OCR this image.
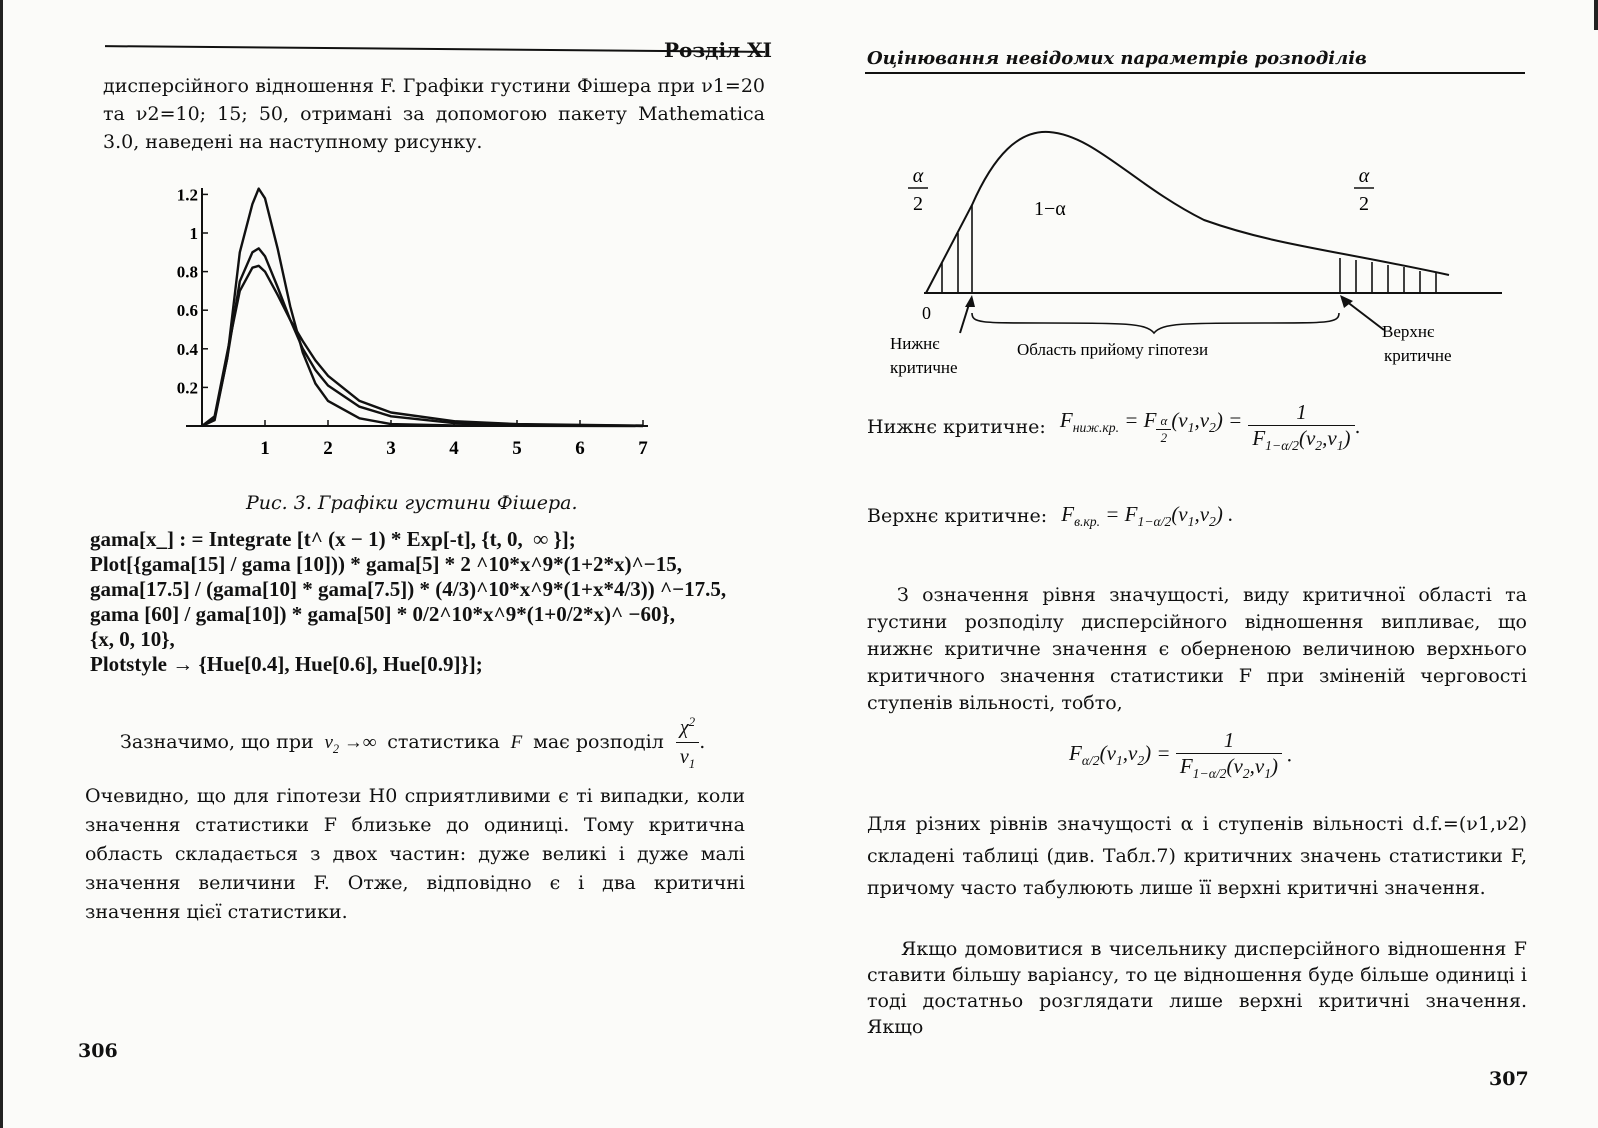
Розділ XI

дисперсійного відношення F. Графіки густини Фішера при ν1=20 та ν2=10; 15; 50, отримані за допомогою пакету Mathematica 3.0, наведені на наступному рисунку.

1	2	3	4	5	6	7
0.2
0.4
0.6
0.8
1
1.2
Рис. 3. Графіки густини Фішера.
gama[x_] : = Integrate [t^ (x − 1) * Exp[-t], {t, 0,  ∞ }];
Plot[{gama[15] / gama [10])) * gama[5] * 2 ^10*x^9*(1+2*x)^−15,
gama[17.5] / (gama[10] * gama[7.5]) * (4/3)^10*x^9*(1+x*4/3)) ^−17.5,
gama [60] / gama[10]) * gama[50] * 0/2^10*x^9*(1+0/2*x)^ −60},
{x, 0, 10},
Plotstyle → {Hue[0.4], Hue[0.6], Hue[0.9]}];
Зазначимо, що при  $\nu_2$ →∞  статистика  F  має розподіл $\frac{\chi^2}{\nu_1}$ .

Очевидно, що для гіпотези H0 сприятливими є ті випадки, коли значення статистики F близьке до одиниці. Тому критична область складається з двох частин: дуже великі і дуже малі значення величини F. Отже, відповідно є і два критичні значення цієї статистики.

306
Оцінювання невідомих параметрів розподілів
α
2
α
2
1−α
0
Нижнє
критичне
Область прийому гіпотези
Верхнє
критичне
Нижнє критичне: $F_{ниж.кр.} = F$ $_{\frac{\alpha}{2}}$ $(\nu_1,\nu_2) = \frac{1}{F_{1-\alpha/2}(\nu_2,\nu_1)}$ .
Верхнє критичне: $F_{в.кр.} = F_{1-\alpha/2}(\nu_1,\nu_2)$ .

З означення рівня значущості, виду критичної області та густини розподілу дисперсійного відношення випливає, що нижнє критичне значення є оберненою величиною верхнього критичного значення статистики F при зміненій черговості ступенів вільності, тобто,

$F_{\alpha/2}(\nu_1,\nu_2) = \frac{1}{F_{1-\alpha/2}(\nu_2,\nu_1)}$ .

Для різних рівнів значущості α і ступенів вільності d.f.=(ν1,ν2) складені таблиці (див. Табл.7) критичних значень статистики F, причому часто табулюють лише її верхні критичні значення.

Якщо домовитися в чисельнику дисперсійного відношення F ставити більшу варіансу, то це відношення буде більше одиниці і тоді достатньо розглядати лише верхні критичні значення. Якщо

307
